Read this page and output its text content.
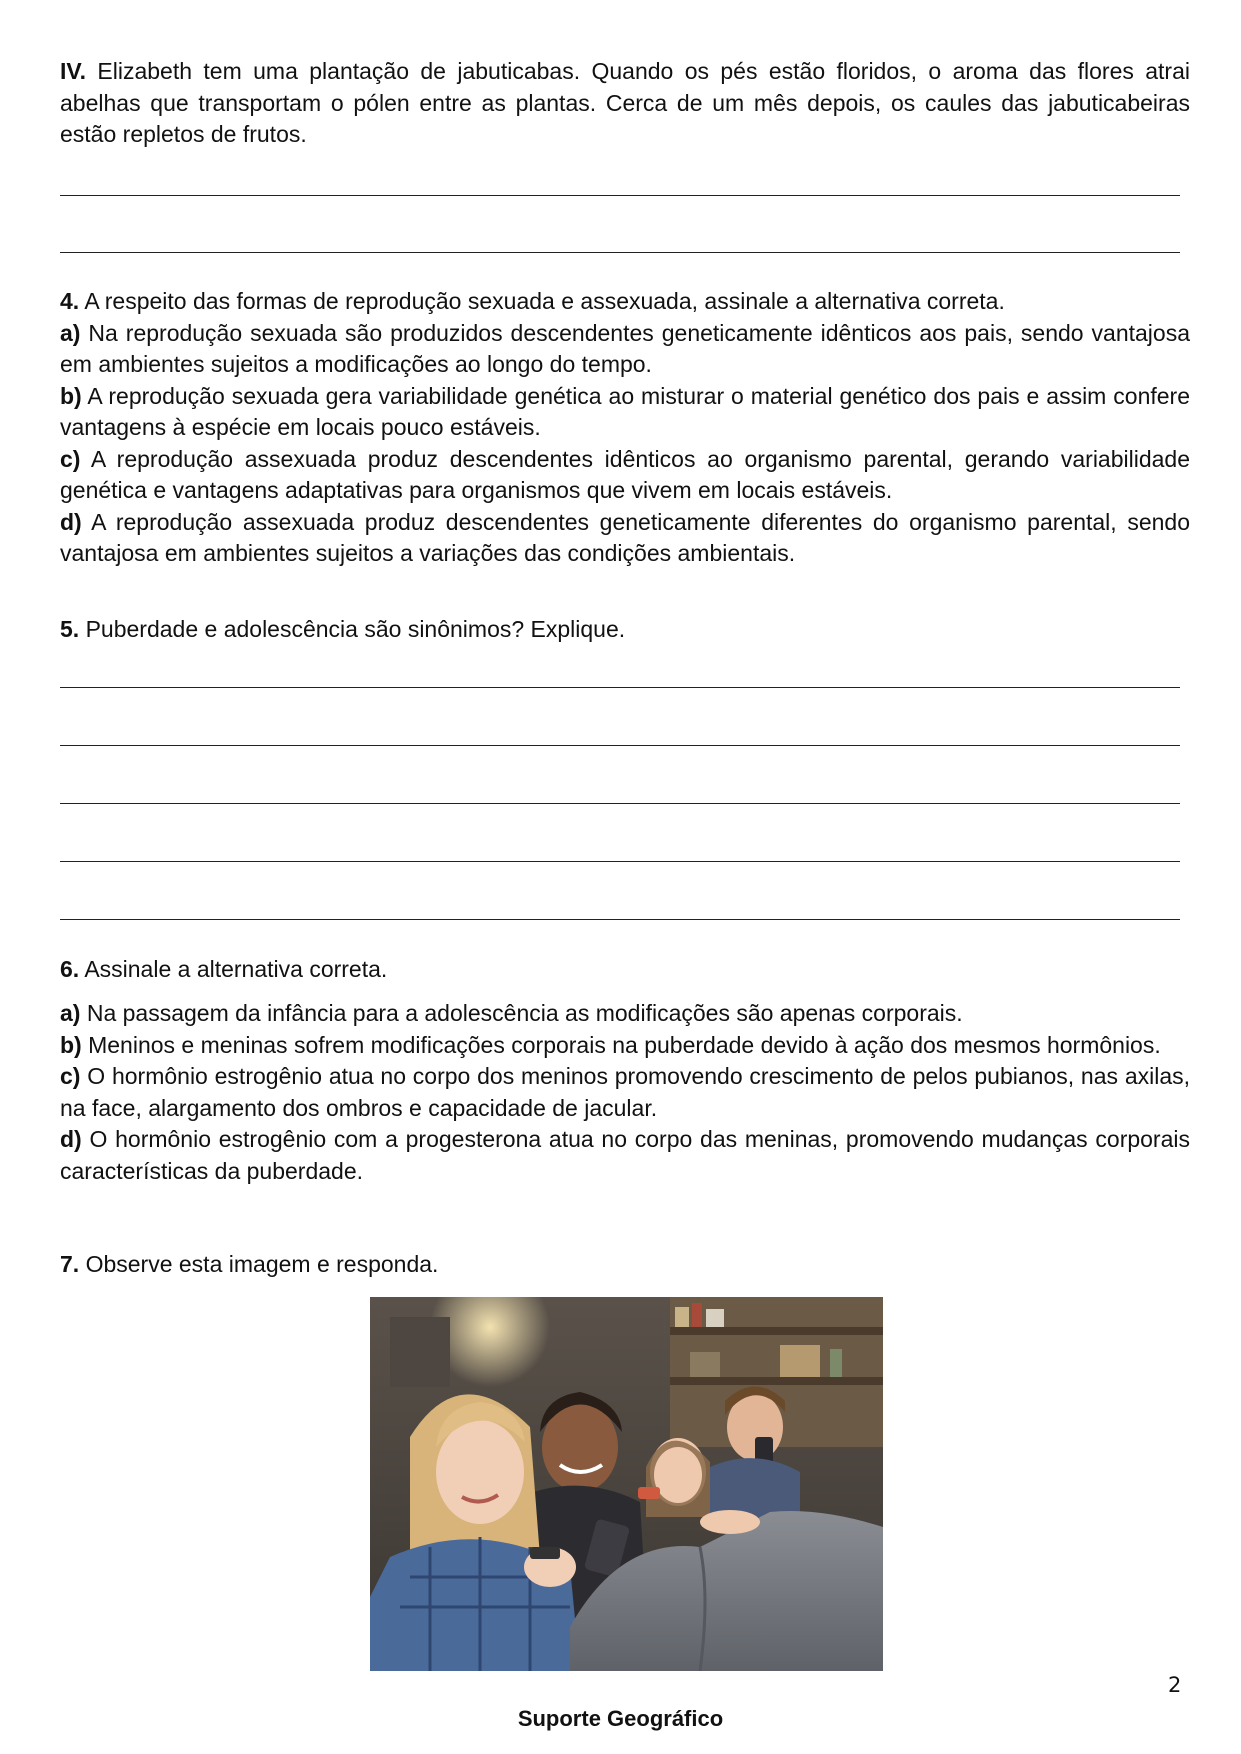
IV. Elizabeth tem uma plantação de jabuticabas. Quando os pés estão floridos, o aroma das flores atrai abelhas que transportam o pólen entre as plantas. Cerca de um mês depois, os caules das jabuticabeiras estão repletos de frutos.

4. A respeito das formas de reprodução sexuada e assexuada, assinale a alternativa correta.

a) Na reprodução sexuada são produzidos descendentes geneticamente idênticos aos pais, sendo vantajosa em ambientes sujeitos a modificações ao longo do tempo.

b) A reprodução sexuada gera variabilidade genética ao misturar o material genético dos pais e assim confere vantagens à espécie em locais pouco estáveis.

c) A reprodução assexuada produz descendentes idênticos ao organismo parental, gerando variabilidade genética e vantagens adaptativas para organismos que vivem em locais estáveis.

d) A reprodução assexuada produz descendentes geneticamente diferentes do organismo parental, sendo vantajosa em ambientes sujeitos a variações das condições ambientais.

5. Puberdade e adolescência são sinônimos? Explique.

6. Assinale a alternativa correta.

a) Na passagem da infância para a adolescência as modificações são apenas corporais.

b) Meninos e meninas sofrem modificações corporais na puberdade devido à ação dos mesmos hormônios.

c) O hormônio estrogênio atua no corpo dos meninos promovendo crescimento de pelos pubianos, nas axilas, na face, alargamento dos ombros e capacidade de jacular.

d) O hormônio estrogênio com a progesterona atua no corpo das meninas, promovendo mudanças corporais características da puberdade.

7. Observe esta imagem e responda.

2
Suporte Geográfico
